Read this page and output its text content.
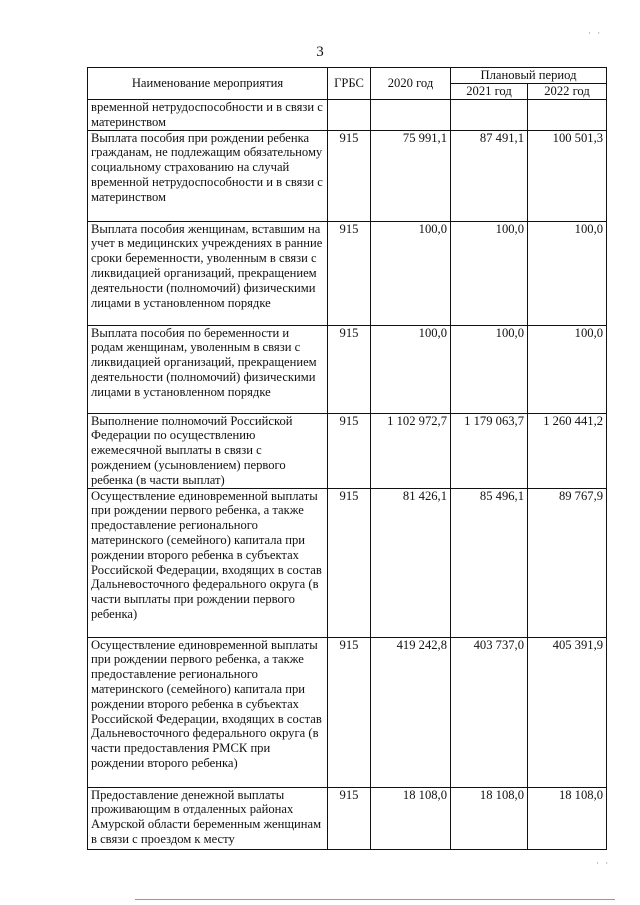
3
· ·
· ·
Наименование мероприятия	ГРБС	2020 год	Плановый период	
			2021 год	2022 год
временной нетрудоспособности и в связи с материнством				
Выплата пособия при рождении ребенка гражданам, не подлежащим обязательному социальному страхованию на случай временной нетрудоспособности и в связи с материнством	915	75 991,1	87 491,1	100 501,3
Выплата пособия женщинам, вставшим на учет в медицинских учреждениях в ранние сроки беременности, уволенным в связи с ликвидацией организаций, прекращением деятельности (полномочий) физическими лицами в установленном порядке	915	100,0	100,0	100,0
Выплата пособия по беременности и родам женщинам, уволенным в связи с ликвидацией организаций, прекращением деятельности (полномочий) физическими лицами в установленном порядке	915	100,0	100,0	100,0
Выполнение полномочий Российской Федерации по осуществлению ежемесячной выплаты в связи с рождением (усыновлением) первого ребенка (в части выплат)	915	1 102 972,7	1 179 063,7	1 260 441,2
Осуществление единовременной выплаты при рождении первого ребенка, а также предоставление регионального материнского (семейного) капитала при рождении второго ребенка в субъектах Российской Федерации, входящих в состав Дальневосточного федерального округа (в части выплаты при рождении первого ребенка)	915	81 426,1	85 496,1	89 767,9
Осуществление единовременной выплаты при рождении первого ребенка, а также предоставление регионального материнского (семейного) капитала при рождении второго ребенка в субъектах Российской Федерации, входящих в состав Дальневосточного федерального округа (в части предоставления РМСК при рождении второго ребенка)	915	419 242,8	403 737,0	405 391,9
Предоставление денежной выплаты проживающим в отдаленных районах Амурской области беременным женщинам в связи с проездом к месту	915	18 108,0	18 108,0	18 108,0
